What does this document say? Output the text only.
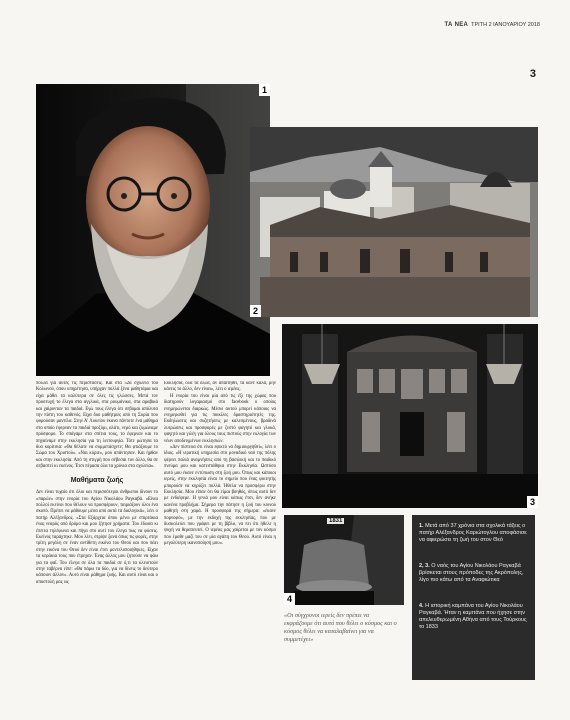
ΤΑ ΝΕΑ ΤΡΙΤΗ 2 ΙΑΝΟΥΑΡΙΟΥ 2018
3
1
2
3
1831
4

πολλά για αυτές τις περιστάσεις. Και στα 52α σχολείο του Κολωνού, όπου υπηρέτησα, υπήρχαν πολλά ξένα μαθητάρια και είχα μάθει τα καλύτερα σε όλες τις γλώσσες. Μετά τον προσευχή το έλεγα στα αγγλικά, στα ρουμάνικα, στα αραβικά και χαίρονταν τα παιδιά. Εγώ τους έλεγα ότι σεβομαι απόλυτα την πίστη του καθενός. Είχα δυο μαθήτριες από τη Συρία που φορούσαν μαντίλα. Στην Α' Λυκείου έκανα πάντοτε ένα μάθημα στο οποίο έφερναν τα παιδιά προζύμι, αλάτι, νερό και ζυμώναμε πρόσφορο. Το σπάγαμε στα σπίτια τους, το έφερναν και το πηγαίναμε στην εκκλησία για τη λειτουργία. Τότε ρώτησα τα δυο κορίτσια: «Θα θέλατε να συμμετάσχετε; Θα φτιάξουμε το Σώμα του Χριστού». «Ναι κύριε», μου απάντησαν. Και ήρθαν και στην εκκλησία. Από τη στιγμή που σέβεσαι τον άλλο, θα σε σεβαστεί κι εκείνος. Έτσι πέρασα όλα τα χρόνια στα σχολεία».

Μαθήματα ζωής

Δεν είναι τυχαίο ότι όλοι και περισσότεροι άνθρωποι δίνουν το «παρών» στην ενορία του Αγίου Νικολάου Ραγκαβά. «Είναι πολλοί εκείνοι που θέλουν να προσφέρουν, ταιριάζουν όλοι ένα σκοπό. Πρέπει να μάθουμε μέσα από αυτά τα διαλογικά», λέει ο πατήρ Αλέξανδρος. «Στα Εξάρχεια όπου μένω με σπιρτάκια ένας νεαρός από δρόμο και μου ζήτησε χρήματα. Του έδωσα κι έπειτα τηλέφωνα και πήγα στο αυτί του έλεγα πως να φύσεις. Εκείνος ταράχτηκε. Μου λέει, στρίψε ξανά όπως τις φορές, στην τρίτη μεγάλη σε έναν αντίθετη εικόνα του Θεού και που πάει στην εικόνα του Θεού δεν είναι έτσι μοντελοποιήθηκες. Είχαν τα κεράκια τους που έτρεχαν. Ένας άλλος μου ζητούσε να φάω για τα φαΐ. Του έλεγα σε όλα τα παιδιά σε ό,τι τα κλειστούν στην ταβέρνα είπε: «Θα πάρω τα δύο, για να δίνεις το δεύτερο κάποιον άλλον». Αυτό είναι μάθημα ζωής. Και αυτό είναι και ο αποστολή μας ως

Εκκλησία, όλα τα άλλα, αν απαιτηθεί, τα κάνε καλά, μην κάνεις το άλλο, δεν είναι», λέει ο ιερέας.

Η ενορία του είναι μία από τις έξι της χώρας που διατηρούν λογαριασμό στο facebook ο οποίος ενημερώνεται διαρκώς. Μέσω αυτού μπορεί κάποιος να ενημερωθεί για τις ποικίλες δραστηριότητές της. Εκδηλώσεις και συζητήσεις με καλεσμένους, βραδινά λυτρώσεις και προσφορές με ζεστό φαγητό και γλυκά, φαγητό και γιλέγ για όλους τους πιστούς στην ευλογία των νέων αποδειγμένων εκκλησιών.

«Δεν πίστευα ότι είναι εφικτό να δημιουργηθεί», λέει ο ίδιος. «Η ιερατική υπηρεσία στο μοναδικό ναό της πόλης φέρνει παλιά αναμνήσεις από τη βασιλική και το παιδικό πνεύμα μου και κατεστάθηκα στην Εκκλησία. Ωστόσο αυτό μου έκανε εντύπωση στη ζωή μου. Όπως και κάποιοι ιερείς, στην εκκλησία είναι το σημείο που ένας φοιτητής μπορούσε να κηρύξει πολλά. Ήθελα να προσφέρω στην Εκκλησία. Μου είπαν ότι θα είμαι βοηθός, όπως αυτό δεν με ενδιέφερε. Η γενιά μου είναι κάπως έτσι, δεν ανήκε κανένα προβλήμα. Σήμερα την πάτησε η ζωή του κοινού μαθητή στη χαρά. Η προσφορά της σήμερα: «έκανε πορνοφό», με την εκδοχή της εκκλησίας, που με δυσκολεύει που γράφει με τη βίβλο, να πει ότι ήθελε η ψυχή να θεραπευτεί. Ο ιερέας μας χαίρεται με τον κόσμο που έμαθε μαζί του σε μία αγάπη του Θεού. Αυτό είναι η μεγαλύτερη ικανοποίησή μου».

«Οι σύγχρονοι ιερείς δεν πρέπει να εκφράζουμε ότι αυτό που θέλει ο κόσμος και ο κόσμος θέλει να καταλαβαίνει για να συμμετέχει»
1. Μετά από 37 χρόνια στα σχολικά τάξεις ο πατήρ Αλέξανδρος Καριώτογλου αποφάσισε να αφιερώσει τη ζωή του στον Θεό
2, 3. Ο ναός του Αγίου Νικολάου Ραγκαβά βρίσκεται στους πρόποδες της Ακρόπολης, λίγο πιο κάτω από τα Αναφιώτικα
4. Η ιστορική καμπάνα του Αγίου Νικολάου Ραγκαβά. Ήταν η καμπάνα που ήχησε στην απελευθερωμένη Αθήνα από τους Τούρκους το 1833
